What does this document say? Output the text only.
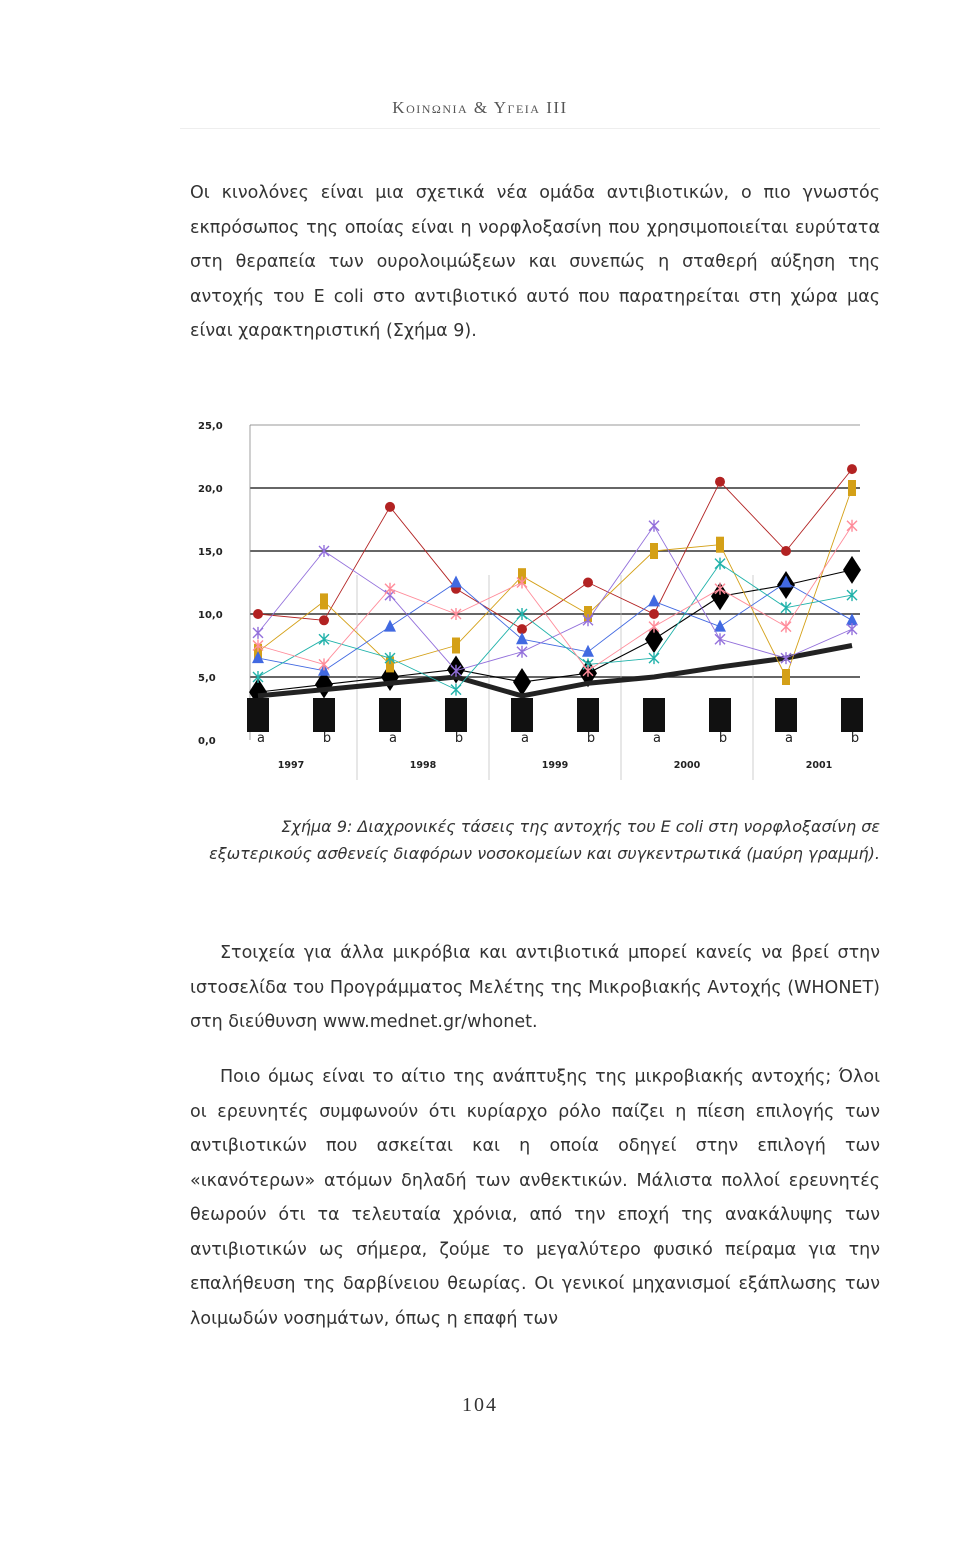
Κοινωνια & Υγεια III
Οι κινολόνες είναι μια σχετικά νέα ομάδα αντιβιοτικών, ο πιο γνωστός εκπρόσωπος της οποίας είναι η νορφλοξασίνη που χρησιμοποιείται ευρύτατα στη θεραπεία των ουρολοιμώξεων και συνεπώς η σταθερή αύξηση της αντοχής του E coli στο αντιβιοτικό αυτό που παρατηρείται στη χώρα μας είναι χαρακτηριστική (Σχήμα 9).
25,0
20,0
15,0
10,0
5,0
0,0	a	b	a	b	a	b	a	b	a	b
1997	1998	1999	2000	2001
Σχήμα 9: Διαχρονικές τάσεις της αντοχής του E coli στη νορφλοξασίνη σε εξωτερικούς ασθενείς διαφόρων νοσοκομείων και συγκεντρωτικά (μαύρη γραμμή).
Στοιχεία για άλλα μικρόβια και αντιβιοτικά μπορεί κανείς να βρεί στην ιστοσελίδα του Προγράμματος Μελέτης της Μικροβιακής Αντοχής (WHONET) στη διεύθυνση www.mednet.gr/whonet.
Ποιο όμως είναι το αίτιο της ανάπτυξης της μικροβιακής αντοχής; Όλοι οι ερευνητές συμφωνούν ότι κυρίαρχο ρόλο παίζει η πίεση επιλογής των αντιβιοτικών που ασκείται και η οποία οδηγεί στην επιλογή των «ικανότερων» ατόμων δηλαδή των ανθεκτικών. Μάλιστα πολλοί ερευνητές θεωρούν ότι τα τελευταία χρόνια, από την εποχή της ανακάλυψης των αντιβιοτικών ως σήμερα, ζούμε το μεγαλύτερο φυσικό πείραμα για την επαλήθευση της δαρβίνειου θεωρίας. Οι γενικοί μηχανισμοί εξάπλωσης των λοιμωδών νοσημάτων, όπως η επαφή των
104
